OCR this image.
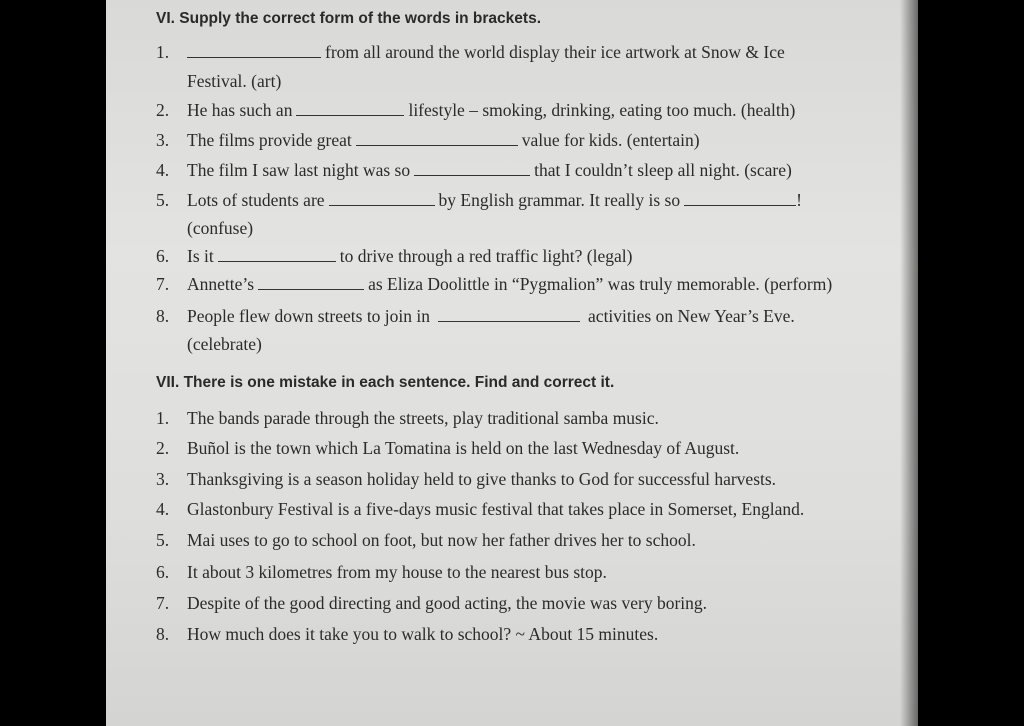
VI. Supply the correct form of the words in brackets.
1.	from all around the world display their ice artwork at Snow & Ice
Festival. (art)
2. He has such an	lifestyle – smoking, drinking, eating too much. (health)
3. The films provide great	value for kids. (entertain)
4. The film I saw last night was so	that I couldn’t sleep all night. (scare)
5. Lots of students are	by English grammar. It really is so	!
(confuse)
6. Is it	to drive through a red traffic light? (legal)
7. Annette’s	as Eliza Doolittle in “Pygmalion” was truly memorable. (perform)
8. People flew down streets to join in	activities on New Year’s Eve.
(celebrate)
VII. There is one mistake in each sentence. Find and correct it.
1. The bands parade through the streets, play traditional samba music.
2. Buñol is the town which La Tomatina is held on the last Wednesday of August.
3. Thanksgiving is a season holiday held to give thanks to God for successful harvests.
4. Glastonbury Festival is a five-days music festival that takes place in Somerset, England.
5. Mai uses to go to school on foot, but now her father drives her to school.
6. It about 3 kilometres from my house to the nearest bus stop.
7. Despite of the good directing and good acting, the movie was very boring.
8. How much does it take you to walk to school? ~ About 15 minutes.
